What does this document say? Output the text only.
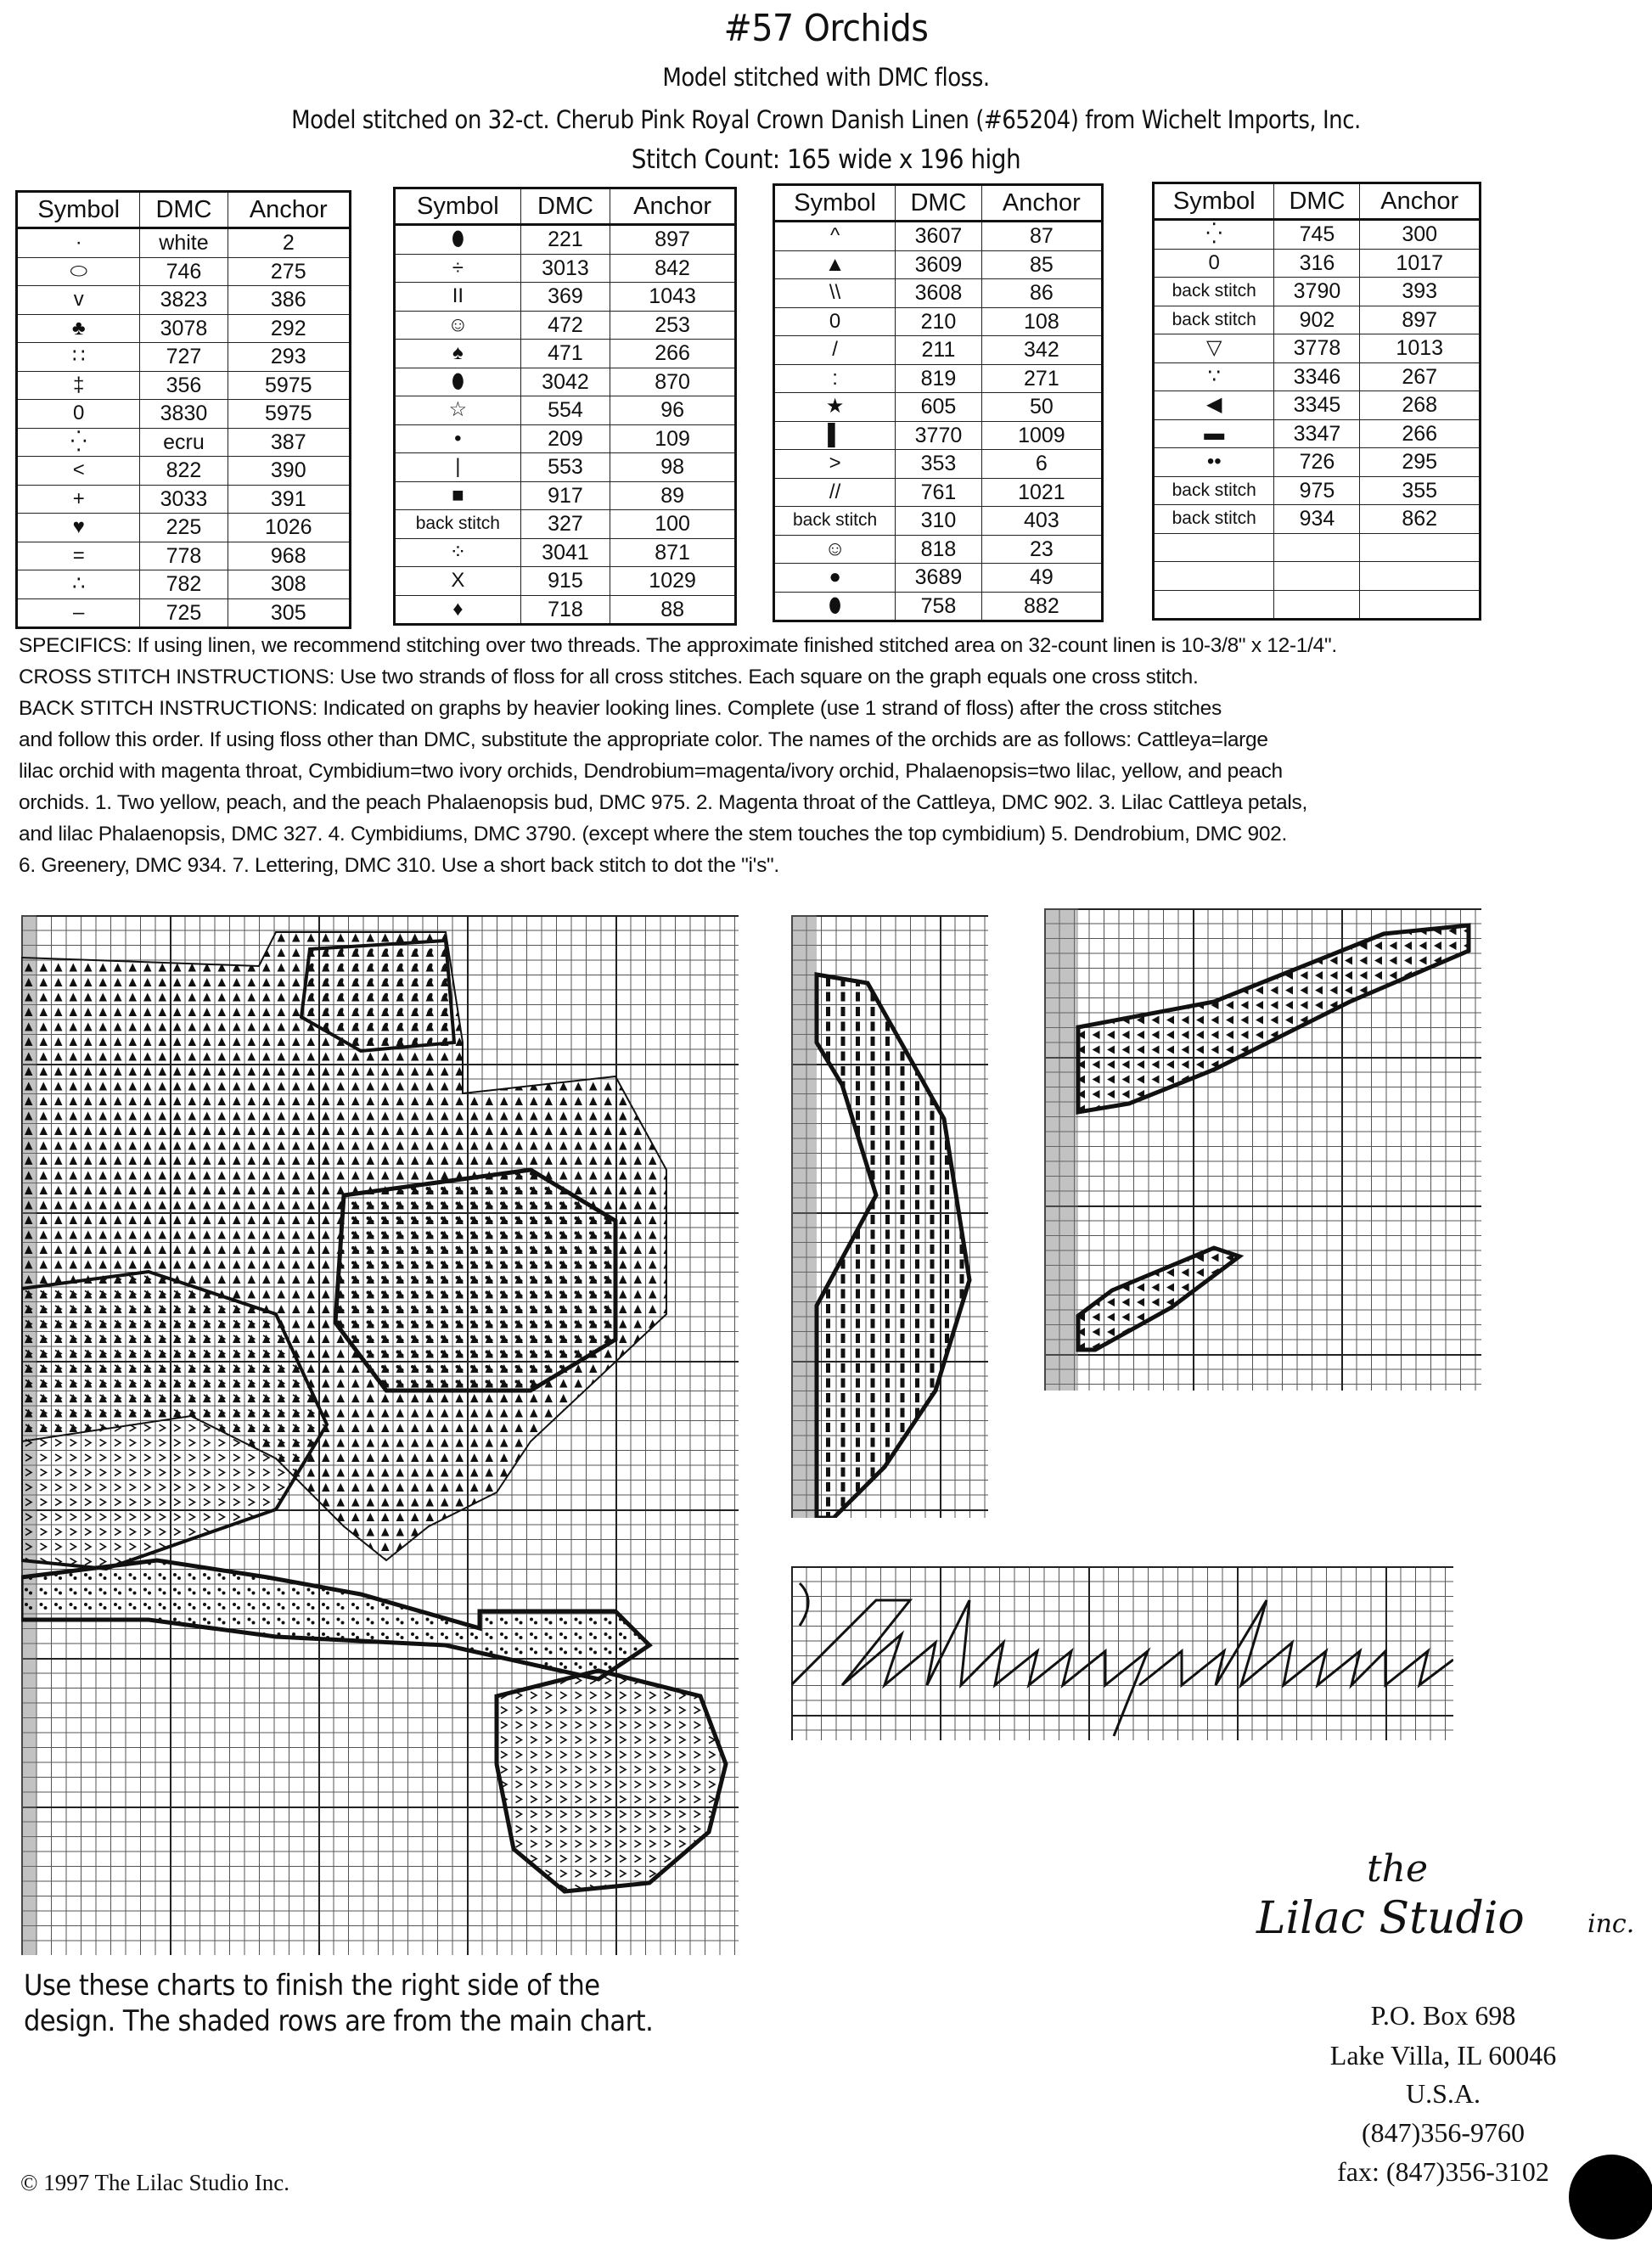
#57 Orchids
Model stitched with DMC floss.
Model stitched on 32-ct. Cherub Pink Royal Crown Danish Linen (#65204) from Wichelt Imports, Inc.
Stitch Count: 165 wide x 196 high
Symbol	DMC	Anchor
·	white	2
⬭	746	275
v	3823	386
♣	3078	292
∷	727	293
‡	356	5975
0	3830	5975
⁛	ecru	387
<	822	390
+	3033	391
♥	225	1026
=	778	968
∴	782	308
–	725	305
Symbol	DMC	Anchor
⬮	221	897
÷	3013	842
II	369	1043
☺	472	253
♠	471	266
⬮	3042	870
☆	554	96
•	209	109
|	553	98
■	917	89
back stitch	327	100
⁘	3041	871
X	915	1029
♦	718	88
Symbol	DMC	Anchor
^	3607	87
▲	3609	85
\\	3608	86
0	210	108
/	211	342
:	819	271
★	605	50
▌	3770	1009
>	353	6
//	761	1021
back stitch	310	403
☺	818	23
●	3689	49
⬮	758	882
Symbol	DMC	Anchor
⁛	745	300
0	316	1017
back stitch	3790	393
back stitch	902	897
▽	3778	1013
∵	3346	267
◀	3345	268
▬	3347	266
••	726	295
back stitch	975	355
back stitch	934	862

SPECIFICS: If using linen, we recommend stitching over two threads. The approximate finished stitched area on 32-count linen is 10-3/8" x 12-1/4".

CROSS STITCH INSTRUCTIONS: Use two strands of floss for all cross stitches. Each square on the graph equals one cross stitch.

BACK STITCH INSTRUCTIONS: Indicated on graphs by heavier looking lines. Complete (use 1 strand of floss) after the cross stitches

and follow this order. If using floss other than DMC, substitute the appropriate color. The names of the orchids are as follows: Cattleya=large

lilac orchid with magenta throat, Cymbidium=two ivory orchids, Dendrobium=magenta/ivory orchid, Phalaenopsis=two lilac, yellow, and peach

orchids. 1. Two yellow, peach, and the peach Phalaenopsis bud, DMC 975. 2. Magenta throat of the Cattleya, DMC 902. 3. Lilac Cattleya petals,

and lilac Phalaenopsis, DMC 327. 4. Cymbidiums, DMC 3790. (except where the stem touches the top cymbidium) 5. Dendrobium, DMC 902.

6. Greenery, DMC 934. 7. Lettering, DMC 310. Use a short back stitch to dot the "i's".

Use these charts to finish the right side of the
design. The shaded rows are from the main chart.
the
Lilac Studio inc.
P.O. Box 698
Lake Villa, IL 60046
U.S.A.
(847)356-9760
fax: (847)356-3102
© 1997 The Lilac Studio Inc.
